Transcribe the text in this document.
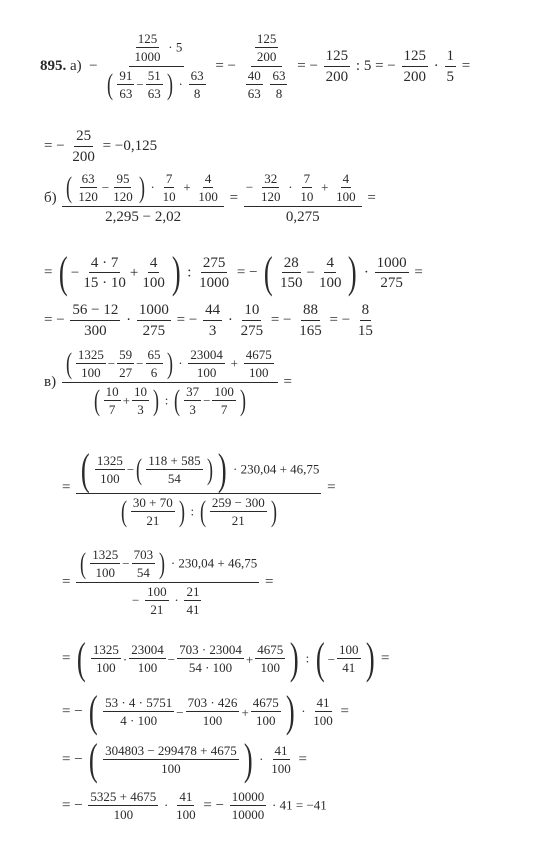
895. а)  −
$\frac{125}{1000} \cdot 5$
( $\frac{91}{63} - \frac{51}{63}$ ) · $\frac{63}{8}$
= − $\frac{125}{200}$
$\frac{40}{63}$
$\frac{63}{8}$ = − $\frac{125}{200}$ : 5 = − $\frac{125}{200} \cdot \frac{1}{5}$ =
= − $\frac{25}{200} = -0,125$
б) ( $\frac{63}{120} - \frac{95}{120}$ ) · $\frac{7}{10} + \frac{4}{100}$
2,295 − 2,02
= $\frac{- \frac{32}{120} \cdot \frac{7}{10} + \frac{4}{100}}{0,275}$ =
= ( − $\frac{4 \cdot 7}{15 \cdot 10} + \frac{4}{100}$ ) : $\frac{275}{1000}$ = − ( $\frac{28}{150} - \frac{4}{100}$ ) · $\frac{1000}{275}$ =
= − $\frac{56 - 12}{300} \cdot \frac{1000}{275}$ = − $\frac{44}{3} \cdot \frac{10}{275}$ = − $\frac{88}{165}$ = − $\frac{8}{15}$
в)
( $\frac{1325}{100} - \frac{59}{27} - \frac{65}{6}$ ) · $\frac{23004}{100} + \frac{4675}{100}$
( $\frac{10}{7} + \frac{10}{3}$ ) : ( $\frac{37}{3} - \frac{100}{7}$ )
=
= ( $\frac{1325}{100}$ − ( $\frac{118 + 585}{54}$ ) ) · 230,04 + 46,75
( $\frac{30 + 70}{21}$ ) : ( $\frac{259 - 300}{21}$ )
=
=
( $\frac{1325}{100} - \frac{703}{54}$ ) · 230,04 + 46,75
− $\frac{100}{21} \cdot \frac{21}{41}$
=
= ( $\frac{1325}{100} \cdot \frac{23004}{100} - \frac{703 \cdot 23004}{54 \cdot 100} + \frac{4675}{100}$ ) : ( − $\frac{100}{41}$ ) =
= − ( $\frac{53 \cdot 4 \cdot 5751}{4 \cdot 100} - \frac{703 \cdot 426}{100} + \frac{4675}{100}$ ) · $\frac{41}{100}$ =
= − ( $\frac{304803 - 299478 + 4675}{100}$ ) · $\frac{41}{100}$ =
= − $\frac{5325 + 4675}{100} \cdot \frac{41}{100}$ = − $\frac{10000}{10000} \cdot 41 = -41$
